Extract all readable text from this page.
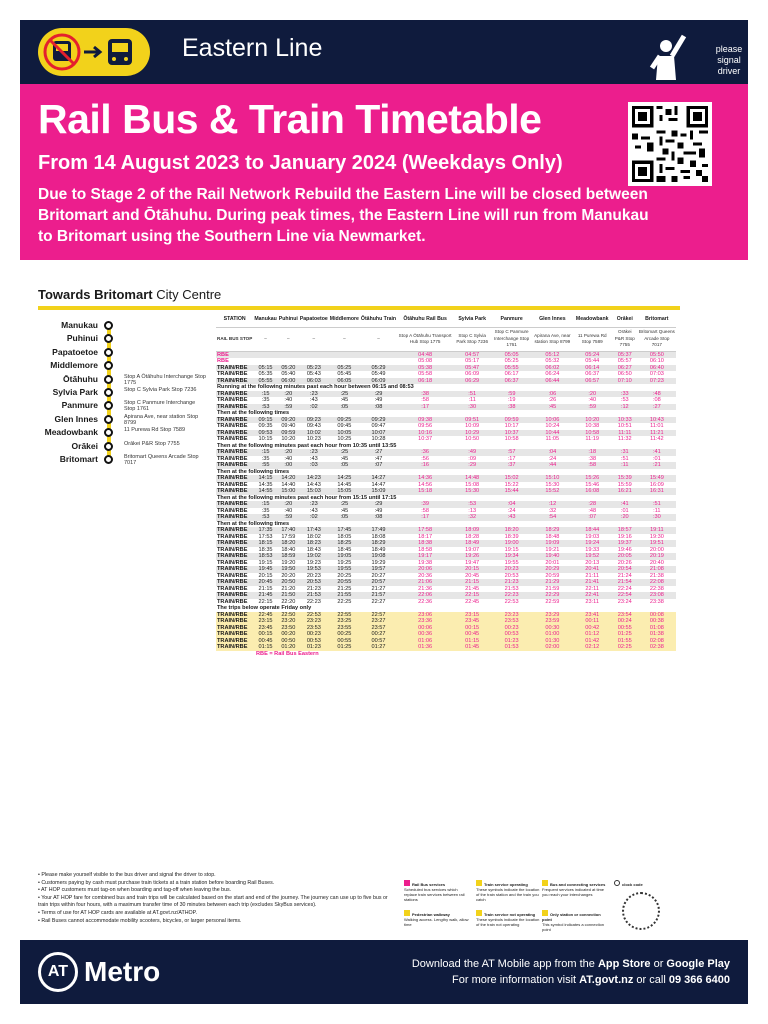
Eastern Line	please signal driver
Rail Bus & Train Timetable
From 14 August 2023 to January 2024 (Weekdays Only)
Due to Stage 2 of the Rail Network Rebuild the Eastern Line will be closed between Britomart and Ōtāhuhu. During peak times, the Eastern Line will run from Manukau to Britomart using the Southern Line via Newmarket.
Towards Britomart City Centre
Manukau
Puhinui
Papatoetoe
Middlemore
Ōtāhuhu	Stop A Ōtāhuhu Interchange Stop 1775
Sylvia Park	Stop C Sylvia Park Stop 7236
Panmure	Stop C Panmure Interchange Stop 1761
Glen Innes	Apirana Ave, near station Stop 8799
Meadowbank	11 Purewa Rd Stop 7589
Orākei	Orākei P&R Stop 7755
Britomart	Britomart Queens Arcade Stop 7017
STATION	Manukau	Puhinui	Papatoetoe	Middlemore	Ōtāhuhu Train	Ōtāhuhu Rail Bus	Sylvia Park	Panmure	Glen Innes	Meadowbank	Orākei	Britomart
RAIL BUS STOP	–	–	–	–	–	Stop A Ōtāhuhu Transport Hub Stop 1775	Stop C Sylvia Park Stop 7236	Stop C Panmure Interchange Stop 1761	Apirana Ave, near station Stop 8799	11 Purewa Rd Stop 7589	Orākei P&R Stop 7755	Britomart Queens Arcade Stop 7017
RBE						04:48	04:57	05:05	05:12	05:24	05:37	05:50
RBE						05:08	05:17	05:25	05:32	05:44	05:57	06:10
TRAIN/RBE	05:15	05:20	05:23	05:25	05:29	05:38	05:47	05:55	06:02	06:14	06:27	06:40
TRAIN/RBE	05:35	05:40	05:43	05:45	05:49	05:58	06:09	06:17	06:24	06:37	06:50	07:03
TRAIN/RBE	05:55	06:00	06:03	06:05	06:09	06:18	06:29	06:37	06:44	06:57	07:10	07:23
Running at the following minutes past each hour between 06:15 and 08:53												
TRAIN/RBE	:15	:20	:23	:25	:29	:38	:51	:59	:06	:20	:33	:48
TRAIN/RBE	:35	:40	:43	:45	:49	:58	:11	:19	:26	:40	:53	:08
TRAIN/RBE	:53	:59	:02	:05	:08	:17	:30	:38	:45	:59	:12	:27
Then at the following times												
TRAIN/RBE	09:15	09:20	09:23	09:25	09:29	09:38	09:51	09:59	10:06	10:20	10:33	10:43
TRAIN/RBE	09:35	09:40	09:43	09:45	09:47	09:56	10:09	10:17	10:24	10:38	10:51	11:01
TRAIN/RBE	09:53	09:59	10:02	10:05	10:07	10:16	10:29	10:37	10:44	10:58	11:11	11:21
TRAIN/RBE	10:15	10:20	10:23	10:25	10:28	10:37	10:50	10:58	11:05	11:19	11:32	11:42
Then at the following minutes past each hour from 10:35 until 13:55												
TRAIN/RBE	:15	:20	:23	:25	:27	:36	:49	:57	:04	:18	:31	:41
TRAIN/RBE	:35	:40	:43	:45	:47	:56	:09	:17	:24	:38	:51	:01
TRAIN/RBE	:55	:00	:03	:05	:07	:16	:29	:37	:44	:58	:11	:21
Then at the following times												
TRAIN/RBE	14:15	14:20	14:23	14:25	14:27	14:36	14:48	15:02	15:10	15:26	15:39	15:49
TRAIN/RBE	14:35	14:40	14:43	14:45	14:47	14:56	15:08	15:22	15:30	15:46	15:59	16:09
TRAIN/RBE	14:55	15:00	15:03	15:05	15:09	15:18	15:30	15:44	15:52	16:08	16:21	16:31
Then at the following minutes past each hour from 15:15 until 17:15												
TRAIN/RBE	:15	:20	:23	:25	:29	:39	:53	:04	:12	:28	:41	:51
TRAIN/RBE	:35	:40	:43	:45	:49	:58	:13	:24	:32	:48	:01	:11
TRAIN/RBE	:53	:59	:02	:05	:08	:17	:32	:43	:54	:07	:20	:30
Then at the following times												
TRAIN/RBE	17:35	17:40	17:43	17:45	17:49	17:58	18:09	18:20	18:29	18:44	18:57	19:11
TRAIN/RBE	17:53	17:59	18:02	18:05	18:08	18:17	18:28	18:39	18:48	19:03	19:16	19:30
TRAIN/RBE	18:15	18:20	18:23	18:25	18:29	18:38	18:49	19:00	19:09	19:24	19:37	19:51
TRAIN/RBE	18:35	18:40	18:43	18:45	18:49	18:58	19:07	19:15	19:21	19:33	19:46	20:00
TRAIN/RBE	18:53	18:59	19:02	19:05	19:08	19:17	19:26	19:34	19:40	19:52	20:05	20:19
TRAIN/RBE	19:15	19:20	19:23	19:25	19:29	19:38	19:47	19:55	20:01	20:13	20:26	20:40
TRAIN/RBE	19:45	19:50	19:53	19:55	19:57	20:06	20:15	20:23	20:29	20:41	20:54	21:08
TRAIN/RBE	20:15	20:20	20:23	20:25	20:27	20:36	20:45	20:53	20:59	21:11	21:24	21:38
TRAIN/RBE	20:45	20:50	20:53	20:55	20:57	21:06	21:15	21:23	21:29	21:41	21:54	22:08
TRAIN/RBE	21:15	21:20	21:23	21:25	21:27	21:36	21:45	21:53	21:59	22:11	22:24	22:38
TRAIN/RBE	21:45	21:50	21:53	21:55	21:57	22:06	22:15	22:23	22:29	22:41	22:54	23:08
TRAIN/RBE	22:15	22:20	22:23	22:25	22:27	22:36	22:45	22:53	22:59	23:11	23:24	23:38
The trips below operate Friday only												
TRAIN/RBE	22:45	22:50	22:53	22:55	22:57	23:06	23:15	23:23	23:29	23:41	23:54	00:08
TRAIN/RBE	23:15	23:20	23:23	23:25	23:27	23:36	23:45	23:53	23:59	00:11	00:24	00:38
TRAIN/RBE	23:45	23:50	23:53	23:55	23:57	00:06	00:15	00:23	00:30	00:42	00:55	01:08
TRAIN/RBE	00:15	00:20	00:23	00:25	00:27	00:36	00:45	00:53	01:00	01:12	01:25	01:38
TRAIN/RBE	00:45	00:50	00:53	00:55	00:57	01:06	01:15	01:23	01:30	01:42	01:55	02:08
TRAIN/RBE	01:15	01:20	01:23	01:25	01:27	01:36	01:45	01:53	02:00	02:12	02:25	02:38
RBE = Rail Bus Eastern												
• Please make yourself visible to the bus driver and signal the driver to stop.
• Customers paying by cash must purchase train tickets at a train station before boarding Rail Buses.
• AT HOP customers must tag-on when boarding and tag-off when leaving the bus.
• Your AT HOP fare for combined bus and train trips will be calculated based on the start and end of the journey. The journey can use up to five bus or train trips within four hours, with a maximum transfer time of 30 minutes between each trip (excludes SkyBus services).
• Terms of use for AT HOP cards are available at AT.govt.nz/ATHOP.
• Rail Buses cannot accommodate mobility scooters, bicycles, or larger personal items.
Rail Bus services
Scheduled bus services which replace train services between rail stations
Train service operating
These symbols indicate the location of the train station and the train you catch
Bus and connecting services
Frequent services indicated at time you reach your interchanges
Pedestrian walkway
Walking access. Lengthy walk, allow time
Train service not operating
These symbols indicate the location of the train not operating
Only station or connection point
This symbol indicates a connection point
clock code
AT Metro	Download the AT Mobile app from the App Store or Google Play
For more information visit AT.govt.nz or call 09 366 6400
